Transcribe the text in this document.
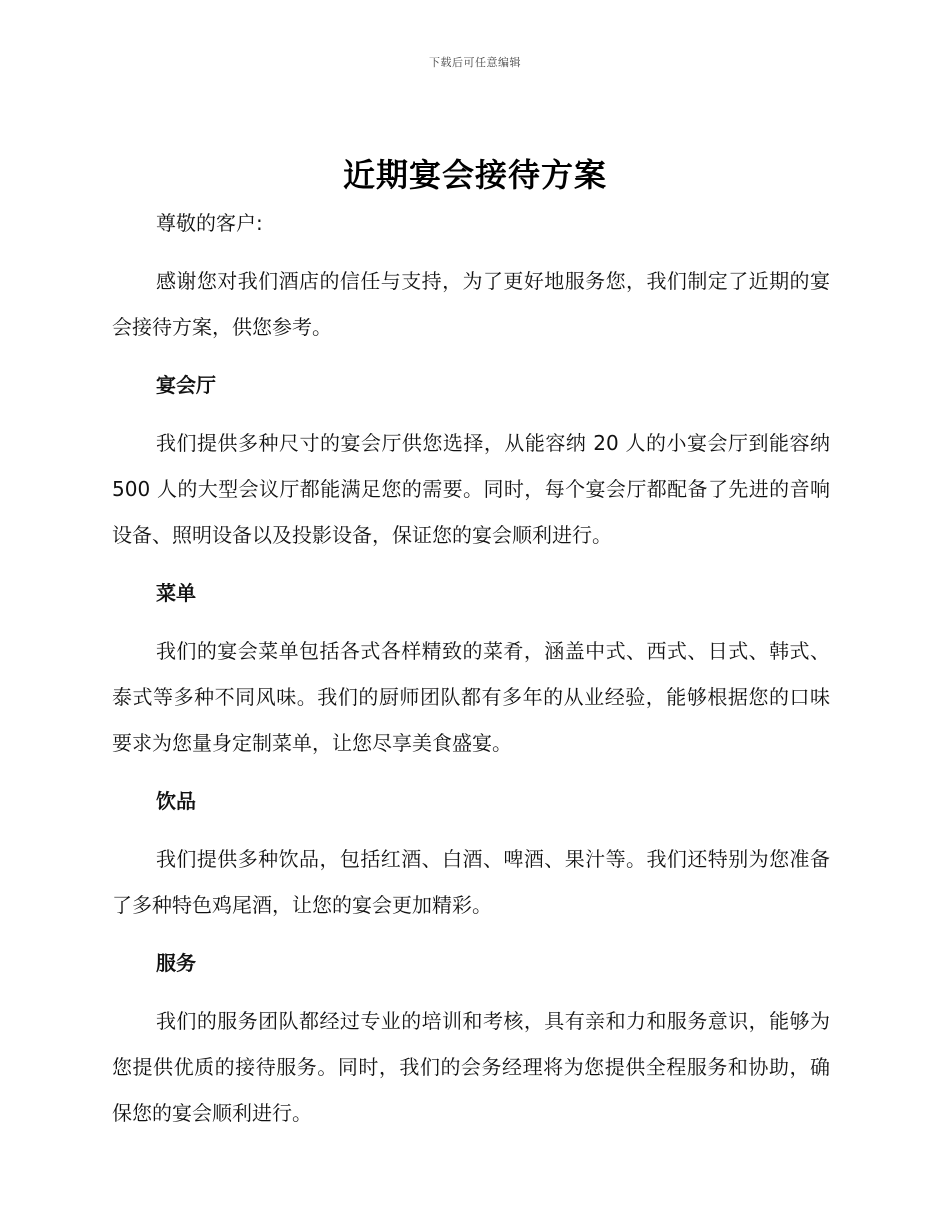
下载后可任意编辑
近期宴会接待方案

尊敬的客户:

感谢您对我们酒店的信任与支持，为了更好地服务您，我们制定了近期的宴会接待方案，供您参考。

宴会厅

我们提供多种尺寸的宴会厅供您选择，从能容纳 20 人的小宴会厅到能容纳 500 人的大型会议厅都能满足您的需要。同时，每个宴会厅都配备了先进的音响设备、照明设备以及投影设备，保证您的宴会顺利进行。

菜单

我们的宴会菜单包括各式各样精致的菜肴，涵盖中式、西式、日式、韩式、泰式等多种不同风味。我们的厨师团队都有多年的从业经验，能够根据您的口味要求为您量身定制菜单，让您尽享美食盛宴。

饮品

我们提供多种饮品，包括红酒、白酒、啤酒、果汁等。我们还特别为您准备了多种特色鸡尾酒，让您的宴会更加精彩。

服务

我们的服务团队都经过专业的培训和考核，具有亲和力和服务意识，能够为您提供优质的接待服务。同时，我们的会务经理将为您提供全程服务和协助，确保您的宴会顺利进行。
